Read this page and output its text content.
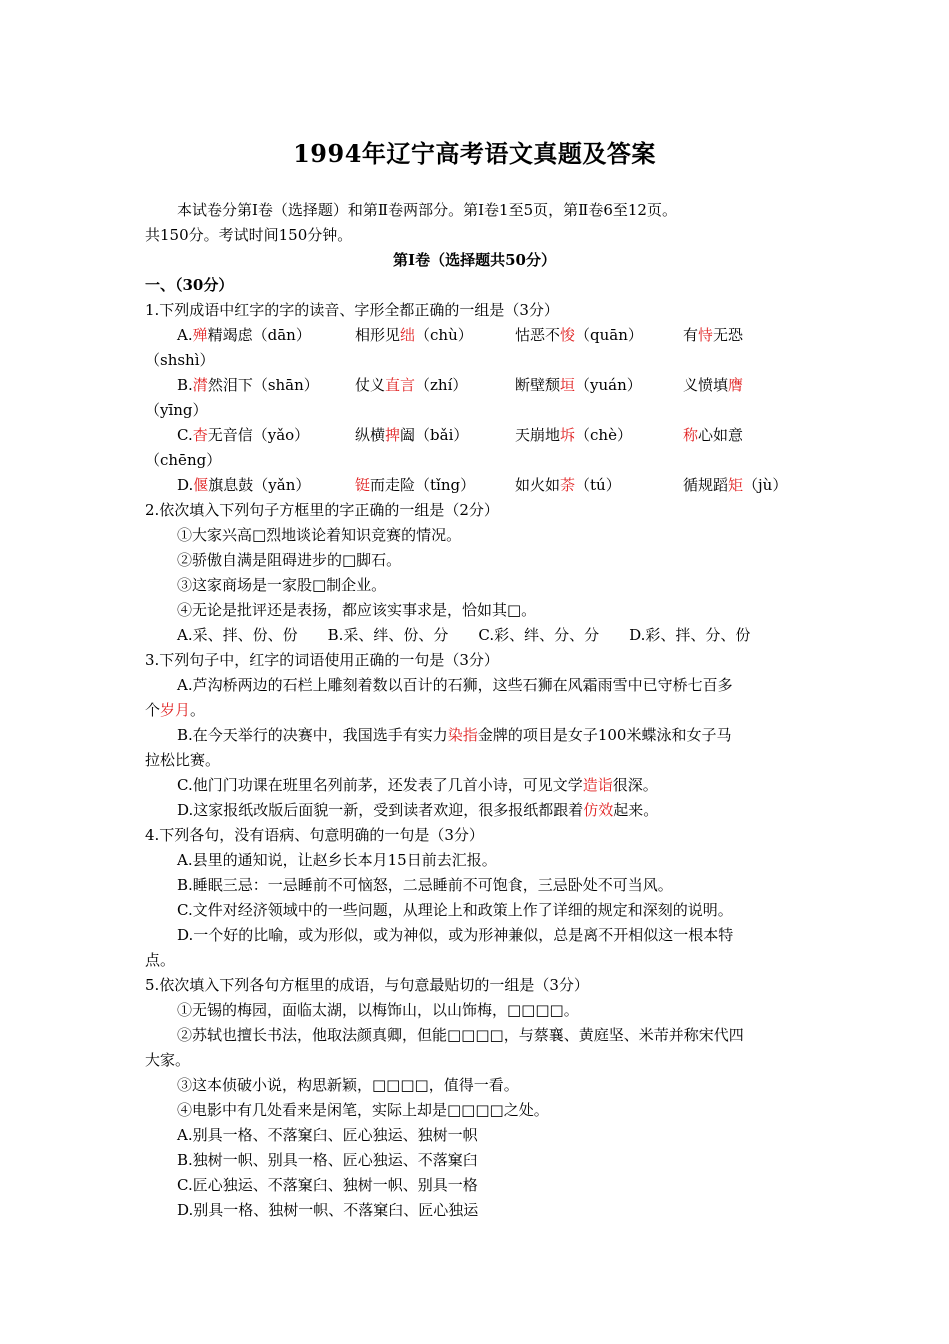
1994年辽宁高考语文真题及答案
本试卷分第Ⅰ卷（选择题）和第Ⅱ卷两部分。第Ⅰ卷1至5页，第Ⅱ卷6至12页。
共150分。考试时间150分钟。
第Ⅰ卷（选择题共50分）
一、（30分）
1.下列成语中红字的字的读音、字形全都正确的一组是（3分）
A.殚精竭虑（dān）	相形见绌（chù）	怙恶不悛（quān）	有恃无恐
（shshì）
B.潸然泪下（shān） 仗义直言（zhí）	断壁颓垣（yuán）	义愤填膺
（yīng）
C.杳无音信（yǎo）	纵横捭阖（bǎi）	天崩地坼（chè）	称心如意
（chēng）
D.偃旗息鼓（yǎn）	铤而走险（tǐng）	如火如荼（tú）	循规蹈矩（jù）
2.依次填入下列句子方框里的字正确的一组是（2分）
①大家兴高□烈地谈论着知识竞赛的情况。
②骄傲自满是阻碍进步的□脚石。
③这家商场是一家股□制企业。
④无论是批评还是表扬，都应该实事求是，恰如其□。
A.采、拌、份、份　　B.采、绊、份、分　　C.彩、绊、分、分　　D.彩、拌、分、份
3.下列句子中，红字的词语使用正确的一句是（3分）
A.芦沟桥两边的石栏上雕刻着数以百计的石狮，这些石狮在风霜雨雪中已守桥七百多
个岁月。
B.在今天举行的决赛中，我国选手有实力染指金牌的项目是女子100米蝶泳和女子马
拉松比赛。
C.他门门功课在班里名列前茅，还发表了几首小诗，可见文学造诣很深。
D.这家报纸改版后面貌一新，受到读者欢迎，很多报纸都跟着仿效起来。
4.下列各句，没有语病、句意明确的一句是（3分）
A.县里的通知说，让赵乡长本月15日前去汇报。
B.睡眠三忌：一忌睡前不可恼怒，二忌睡前不可饱食，三忌卧处不可当风。
C.文件对经济领域中的一些问题，从理论上和政策上作了详细的规定和深刻的说明。
D.一个好的比喻，或为形似，或为神似，或为形神兼似，总是离不开相似这一根本特
点。
5.依次填入下列各句方框里的成语，与句意最贴切的一组是（3分）
①无锡的梅园，面临太湖，以梅饰山，以山饰梅，□□□□。
②苏轼也擅长书法，他取法颜真卿，但能□□□□，与蔡襄、黄庭坚、米芾并称宋代四
大家。
③这本侦破小说，构思新颖，□□□□，值得一看。
④电影中有几处看来是闲笔，实际上却是□□□□之处。
A.别具一格、不落窠臼、匠心独运、独树一帜
B.独树一帜、别具一格、匠心独运、不落窠臼
C.匠心独运、不落窠臼、独树一帜、别具一格
D.别具一格、独树一帜、不落窠臼、匠心独运
